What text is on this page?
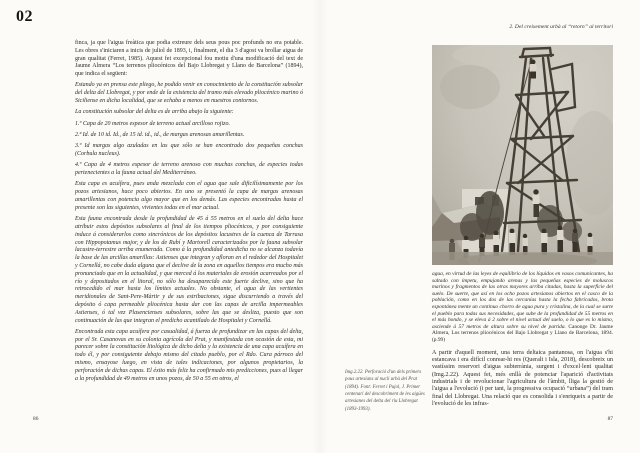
02

finca, ja que l'aigua freàtica que podia extreure dels seus pous poc profunds no era potable. Les obres s'iniciaren a inicis de juliol de 1893, i, finalment, el dia 3 d'agost va brollar aigua de gran qualitat (Ferret, 1985). Aquest fet excepcional fou motiu d'una modificació del text de Jaume Almera “Los terrenos pliocénicos del Bajo Llobregat y Llano de Barcelona” (1894), que indica el següent:

Estando ya en prensa este pliego, he podido venir en conocimiento de la constitución subsolar del delta del Llobregat, y por ende de la existencia del tramo más elevado pliocénico marino ó Siciliense en dicha localidad, que se echaba a menos en nuestros contornos.

La constitución subsolar del delta es de arriba abajo la siguiente:

1.º Capa de 20 metros espesor de terreno actual arcilloso rojizo.

2.ª Id. de 10 id. Id., de 15 id. id., id., de margas arenosas amarillentas.

3.º Id margas algo azuladas en las que sólo se han encontrado dos pequeñas conchas (Corbula nucleus).

4.º Capa de 4 metros espesor de terreno arenoso con muchas conchas, de especies todas pertenecientes a la fauna actual del Mediterráneo.

Esta capa es acuífera, pues anda mezclada con el agua que sale dificilísimamente por los pozos artesianos, hace poco abiertos. En uno se presentó la capa de margas arenosas amarillentas con potencia algo mayor que en los demás. Las especies encontradas hasta el presente son las siguientes, vivientes todas en el mar actual.

Esta fauna encontrada desde la profundidad de 45 á 55 metros en el suelo del delta hace atribuir estos depósitos subsolares al final de los tiempos pliocénicos, y por consiguiente induce á considerarlos como sincrónicos de los depósitos lacustres de la cuenca de Tarrasa con Hippopotamus major, y de los de Rubí y Martorell caracterizados por la fauna subsolar lacustre-terrestre arriba enumerada. Como á la profundidad antedicha no se alcanza todavía la base de las arcillas amarillas: Astienses que integran y afloran en el rededor del Hospitalet y Cornellá, no cabe duda alguna que el declive de la zona en aquellos tiempos era mucho más pronunciado que en la actualidad, y que merced á los materiales de erosión acarreados por el río y depositados en el litoral, no sólo ha desaparecido este fuerte declive, sino que ha retrocedido el mar hasta los límites actuales. No obstante, el agua de las vertientes meridionales de Sant-Pere-Màrtir y de sus estribaciones, sigue discurriendo a través del depósito ó capa permeable pliocénica hasta dar con las capas de arcilla impermeables Astienses, ó tal vez Plasencienses subsolares, sobre las que se desliza, puesto que son continuación de las que integran el predicho acantilado de Hospitalet y Cornellá.

Encontrada esta capa acuífera por casualidad, á fuerza de profundizar en las capas del delta, por el Sr. Casanovas en su colonia agrícola del Prat, y manifestada con ocasión de esta, mi parecer sobre la constitución litológica de dicho delta y la existencia de una capa acuífera en todo él, y por consiguiente debajo mismo del citado pueblo, por el Rdo. Cura párroco del mismo, ensayose luego, en vista de tales indicaciones, por algunos propietarios, la perforación de dichas capas. El éxito más feliz ha confirmado mis predicciones, pues al llegar a la profundidad de 49 metros en unos pozos, de 50 a 55 en otros, el

86
2. Del creixement urbà al “retorn” al territori
Img.2.22. Perforació d'un dels primers pous artesians al nucli urbà del Prat (1894). Font: Ferret i Pujol, J. Primer centenari del descobriment de les aigües artesianes del delta del riu Llobregat (1893-1993).

agua, en virtud de las leyes de equilibrio de los líquidos en vasos comunicantes, ha saltado con ímpetu, empujando arenas y las pequeñas especies de moluscos marinos y fragmentos de las otras mayores arriba citadas, hasta la superficie del suelo. De suerte, que así en los ocho pozos artesianos abiertos en el casco de la población, como en los dos de las cercanías hasta la fecha fabricados, brota espontánea mente un continuo chorro de agua pura y cristalina, de la cual se surte el pueblo para todas sus necesidades, que sube de la profundidad de 55 metros en el más hondo, y se eleva á 2 sobre el nivel actual del suelo, o lo que es lo mismo, asciende á 57 metros de altura sobre su nivel de partida. Canonge Dr. Jaume Almera, Los terrenos pliocénicos del Bajo Llobregat y Llano de Barcelona, 1894. (p.99)

A partir d'aquell moment, una terra deltaica pantanosa, on l'aigua s'hi estancava i era difícil conrear-hi res (Queralt i Isla, 2018), descobreix un vastíssim reservori d'aigua subterrània, surgent i d'excel·lent qualitat (Img.2.22). Aquest fet, més enllà de potenciar l'aparició d'activitats industrials i de revolucionar l'agricultura de l'àmbit, lliga la gestió de l'aigua a l'evolució (i per tant, la progressiva ocupació “urbana”) del tram final del Llobregat. Una relació que es consolida i s'enriqueix a partir de l'evolució de les infras-

87
